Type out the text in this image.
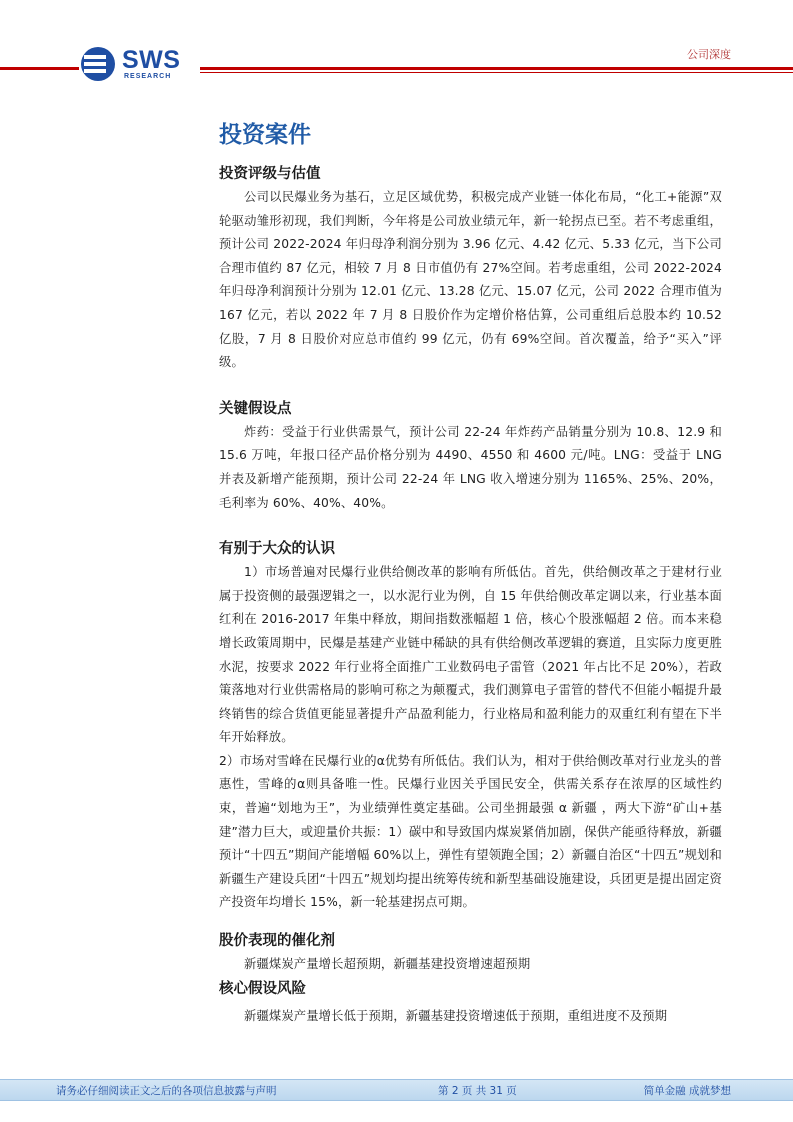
SWS
RESEARCH
公司深度
投资案件
投资评级与估值

公司以民爆业务为基石，立足区域优势，积极完成产业链一体化布局，“化工+能源”双轮驱动雏形初现，我们判断，今年将是公司放业绩元年，新一轮拐点已至。若不考虑重组，预计公司 2022-2024 年归母净利润分别为 3.96 亿元、4.42 亿元、5.33 亿元，当下公司合理市值约 87 亿元，相较 7 月 8 日市值仍有 27%空间。若考虑重组，公司 2022-2024 年归母净利润预计分别为 12.01 亿元、13.28 亿元、15.07 亿元，公司 2022 合理市值为 167 亿元，若以 2022 年 7 月 8 日股价作为定增价格估算，公司重组后总股本约 10.52 亿股，7 月 8 日股价对应总市值约 99 亿元，仍有 69%空间。首次覆盖，给予“买入”评级。

关键假设点

炸药：受益于行业供需景气，预计公司 22-24 年炸药产品销量分别为 10.8、12.9 和 15.6 万吨，年报口径产品价格分别为 4490、4550 和 4600 元/吨。LNG：受益于 LNG 并表及新增产能预期，预计公司 22-24 年 LNG 收入增速分别为 1165%、25%、20%，毛利率为 60%、40%、40%。

有别于大众的认识

1）市场普遍对民爆行业供给侧改革的影响有所低估。首先，供给侧改革之于建材行业属于投资侧的最强逻辑之一，以水泥行业为例，自 15 年供给侧改革定调以来，行业基本面红利在 2016-2017 年集中释放，期间指数涨幅超 1 倍，核心个股涨幅超 2 倍。而本来稳增长政策周期中，民爆是基建产业链中稀缺的具有供给侧改革逻辑的赛道，且实际力度更胜水泥，按要求 2022 年行业将全面推广工业数码电子雷管（2021 年占比不足 20%），若政策落地对行业供需格局的影响可称之为颠覆式，我们测算电子雷管的替代不但能小幅提升最终销售的综合货值更能显著提升产品盈利能力，行业格局和盈利能力的双重红利有望在下半年开始释放。

2）市场对雪峰在民爆行业的α优势有所低估。我们认为，相对于供给侧改革对行业龙头的普惠性，雪峰的α则具备唯一性。民爆行业因关乎国民安全，供需关系存在浓厚的区域性约束，普遍“划地为王”，为业绩弹性奠定基础。公司坐拥最强 α 新疆 ，两大下游“矿山+基建”潜力巨大，或迎量价共振：1）碳中和导致国内煤炭紧俏加剧，保供产能亟待释放，新疆预计“十四五”期间产能增幅 60%以上，弹性有望领跑全国；2）新疆自治区“十四五”规划和新疆生产建设兵团“十四五”规划均提出统筹传统和新型基础设施建设，兵团更是提出固定资产投资年均增长 15%，新一轮基建拐点可期。

股价表现的催化剂

新疆煤炭产量增长超预期，新疆基建投资增速超预期

核心假设风险

新疆煤炭产量增长低于预期，新疆基建投资增速低于预期，重组进度不及预期

请务必仔细阅读正文之后的各项信息披露与声明	第 2 页 共 31 页	简单金融 成就梦想
